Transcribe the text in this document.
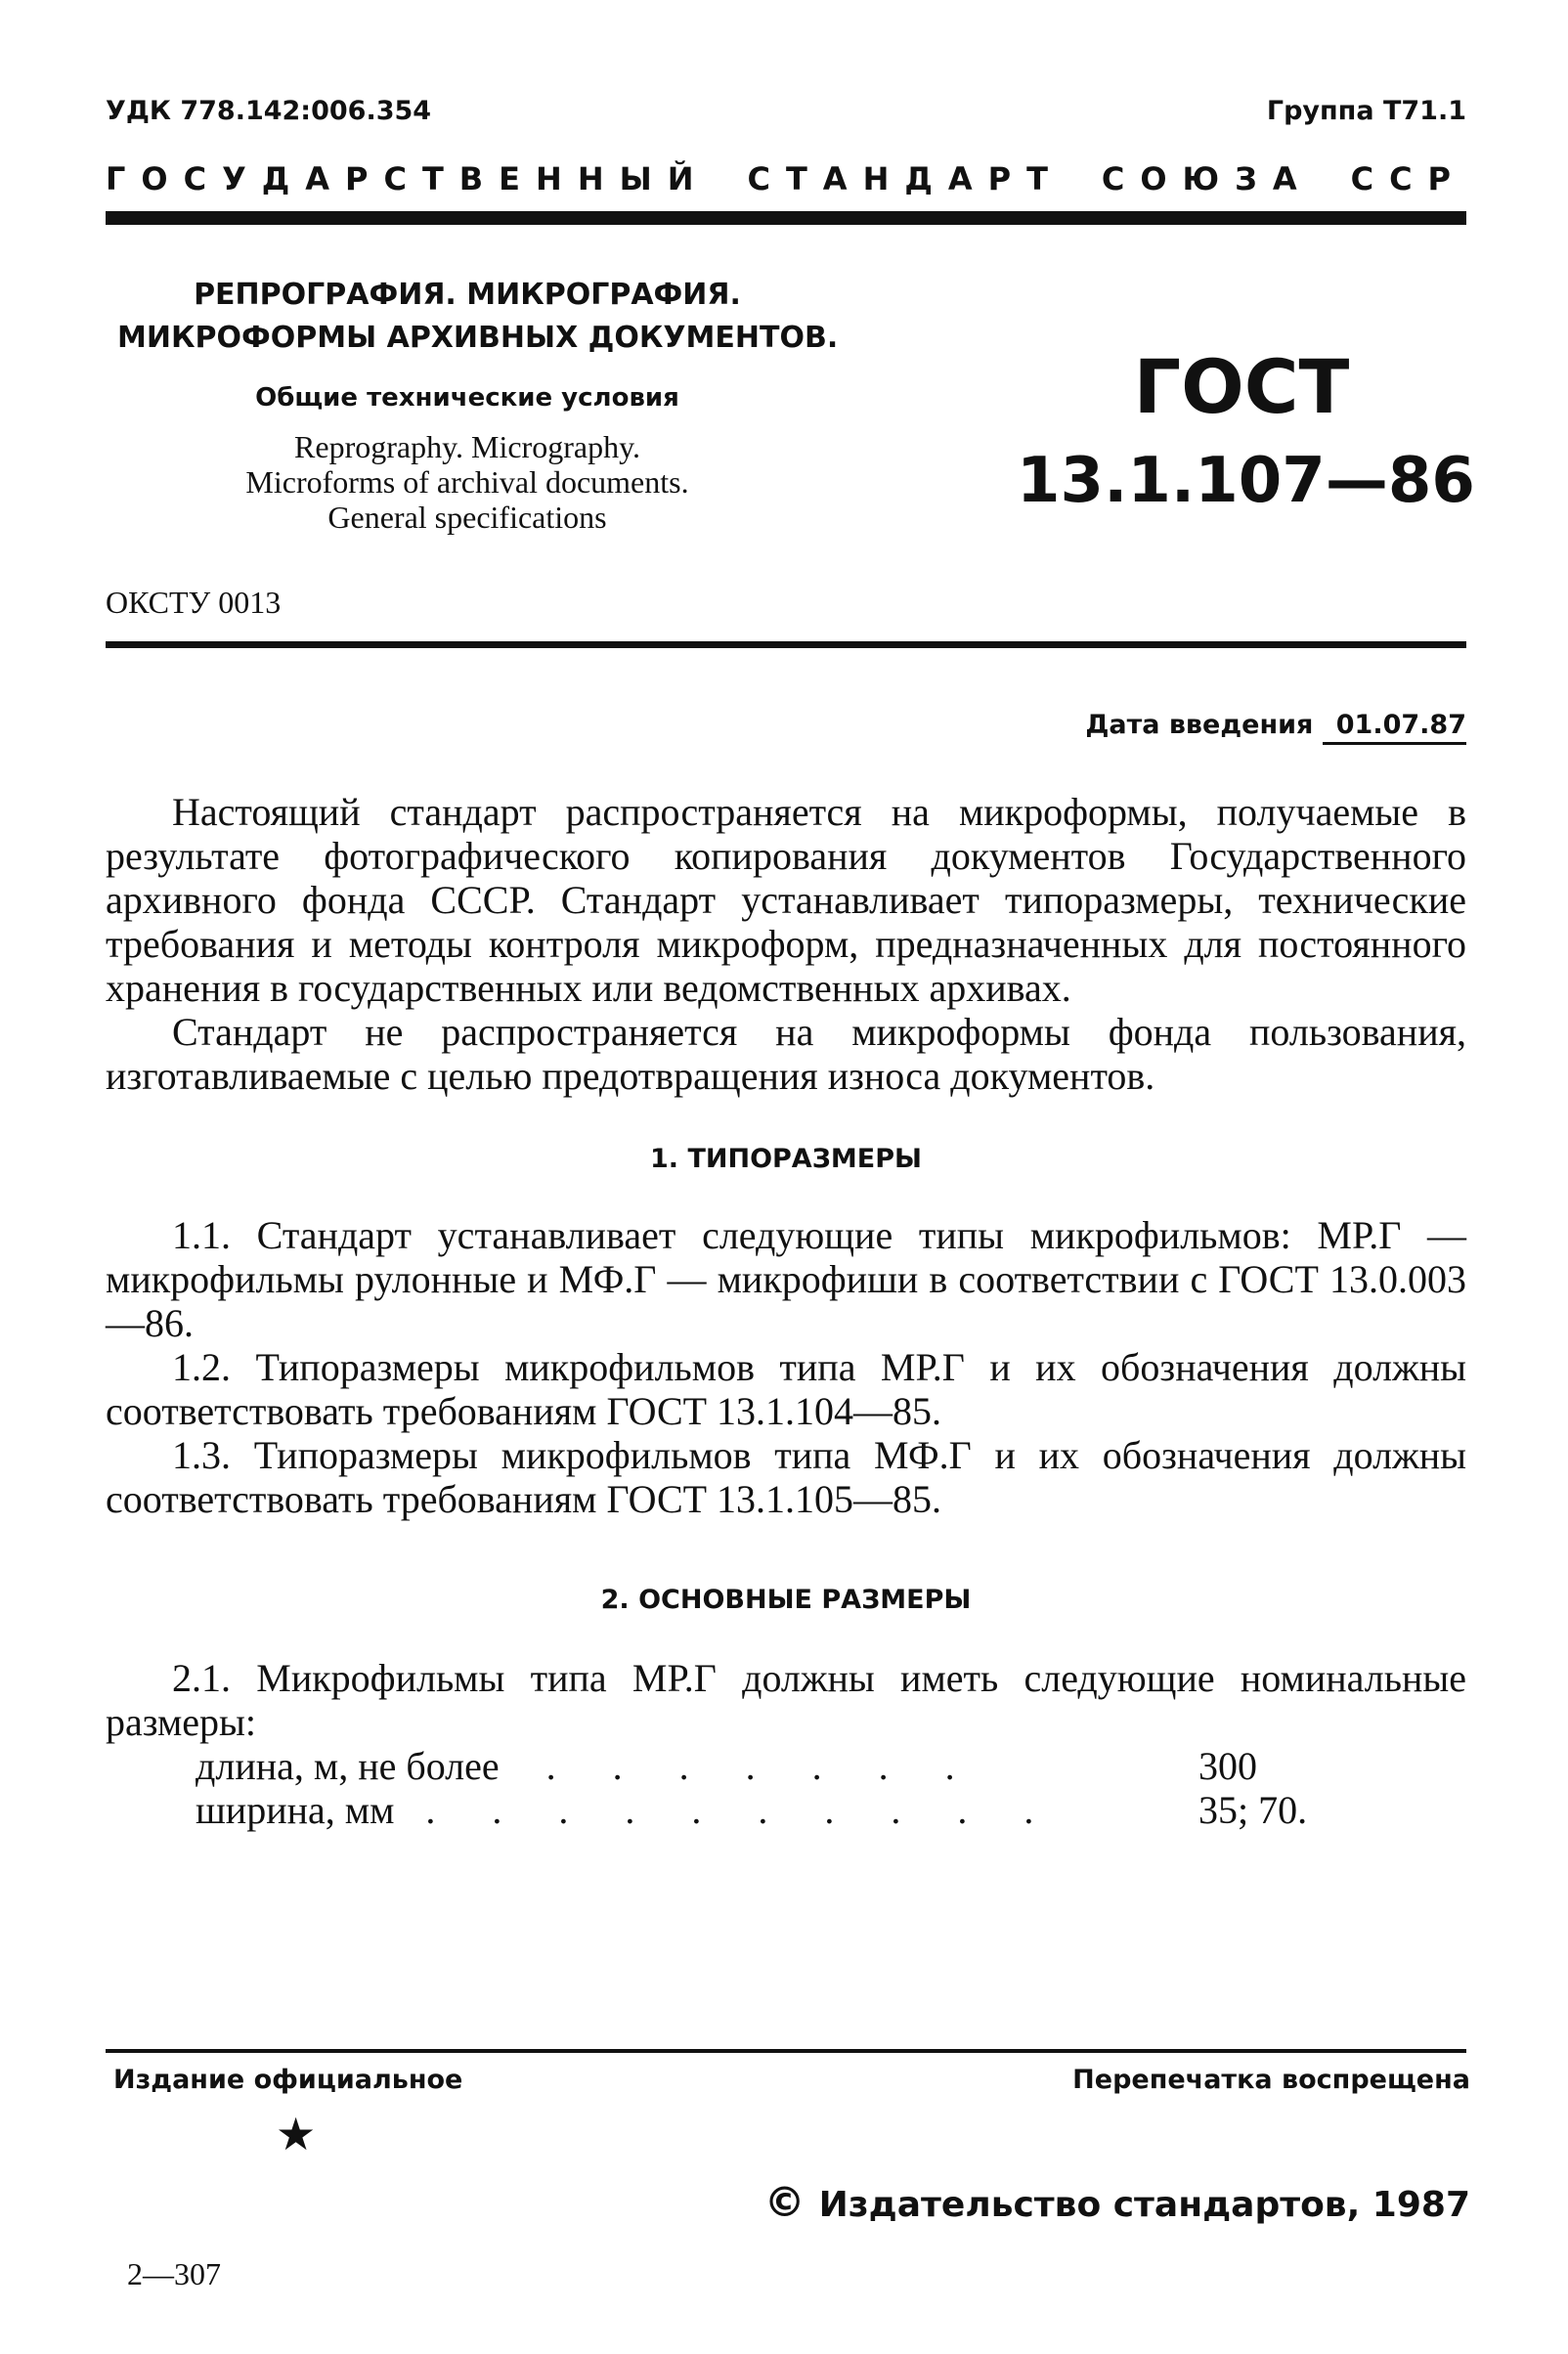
УДК 778.142:006.354	Группа Т71.1
ГОСУДАРСТВЕННЫЙ СТАНДАРТ СОЮЗА ССР
РЕПРОГРАФИЯ. МИКРОГРАФИЯ.
МИКРОФОРМЫ АРХИВНЫХ ДОКУМЕНТОВ.
Общие технические условия
Reprography. Micrography.
Microforms of archival documents.
General specifications
ГОСТ
13.1.107—86
ОКСТУ 0013
Дата введения 01.07.87

Настоящий стандарт распространяется на микроформы, получаемые в результате фотографического копирования документов Государственного архивного фонда СССР. Стандарт устанавливает типоразмеры, технические требования и методы контроля микроформ, предназначенных для постоянного хранения в государственных или ведомственных архивах.

Стандарт не распространяется на микроформы фонда пользования, изготавливаемые с целью предотвращения износа документов.

1. ТИПОРАЗМЕРЫ

1.1. Стандарт устанавливает следующие типы микрофильмов: МР.Г — микрофильмы рулонные и МФ.Г — микрофиши в соответствии с ГОСТ 13.0.003—86.

1.2. Типоразмеры микрофильмов типа МР.Г и их обозначения должны соответствовать требованиям ГОСТ 13.1.104—85.

1.3. Типоразмеры микрофильмов типа МФ.Г и их обозначения должны соответствовать требованиям ГОСТ 13.1.105—85.

2. ОСНОВНЫЕ РАЗМЕРЫ

2.1. Микрофильмы типа МР.Г должны иметь следующие номинальные размеры:

длина, м, не более . . . . . . .	300
ширина, мм . . . . . . . . . .	35; 70.
Издание официальное	Перепечатка воспрещена
★
© Издательство стандартов, 1987
2—307
